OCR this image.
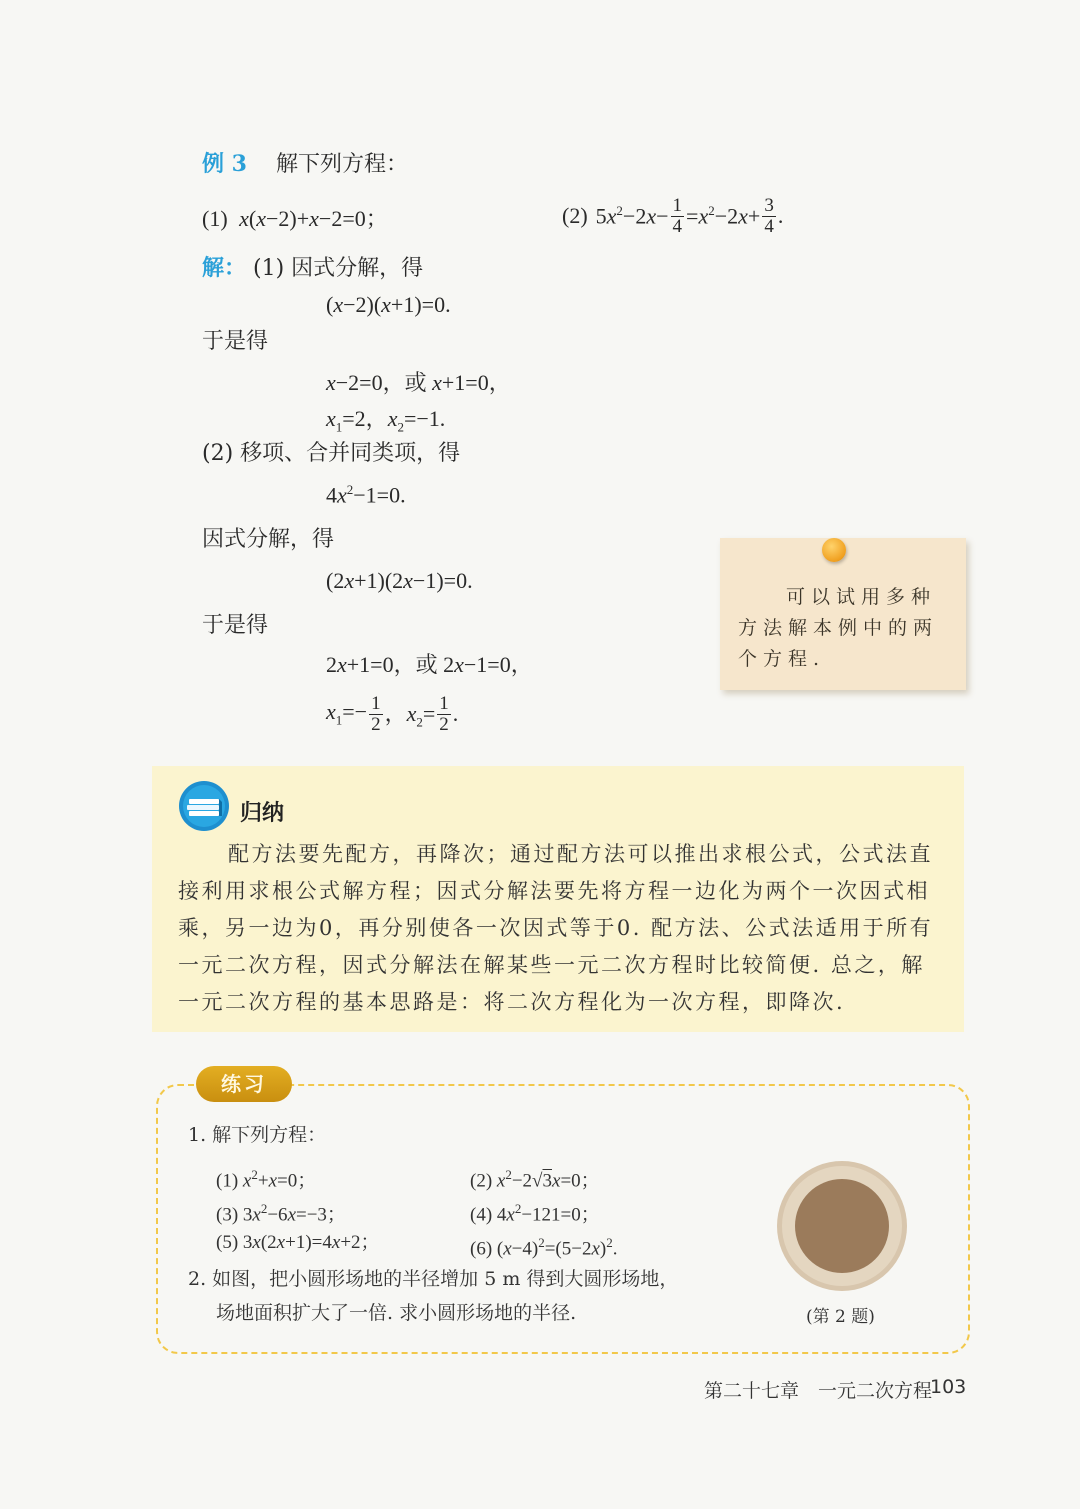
例 3 解下列方程：
(1) x(x−2)+x−2=0；	(2) $5x^2-2x- \frac{1}{4} =x^2-2x+ \frac{3}{4}$ .
解： (1) 因式分解，得
(x−2)(x+1)=0.
于是得
x−2=0，或 x+1=0，
$x_1=2$，$x_2=-1$.
(2) 移项、合并同类项，得
$4x^2-1=0$.
因式分解，得
(2x+1)(2x−1)=0.
于是得
2x+1=0，或 2x−1=0，
$x_1=- \frac{1}{2}$ ，$x_2= \frac{1}{2}$ .
可以试用多种方法解本例中的两个方程.
归纳
配方法要先配方，再降次；通过配方法可以推出求根公式，公式法直接利用求根公式解方程；因式分解法要先将方程一边化为两个一次因式相乘，另一边为0，再分别使各一次因式等于0. 配方法、公式法适用于所有一元二次方程，因式分解法在解某些一元二次方程时比较简便. 总之，解一元二次方程的基本思路是：将二次方程化为一次方程，即降次.
练习
1. 解下列方程：
(1) $x^2+x=0$；	(2) $x^2-2√3x=0$；
(3) $3x^2-6x=-3$；	(4) $4x^2-121=0$；
(5) 3x(2x+1)=4x+2；	(6) $(x-4)^2=(5-2x)^2$.
2. 如图，把小圆形场地的半径增加 5 m 得到大圆形场地，
场地面积扩大了一倍. 求小圆形场地的半径.	(第 2 题)
第二十七章　一元二次方程
103
